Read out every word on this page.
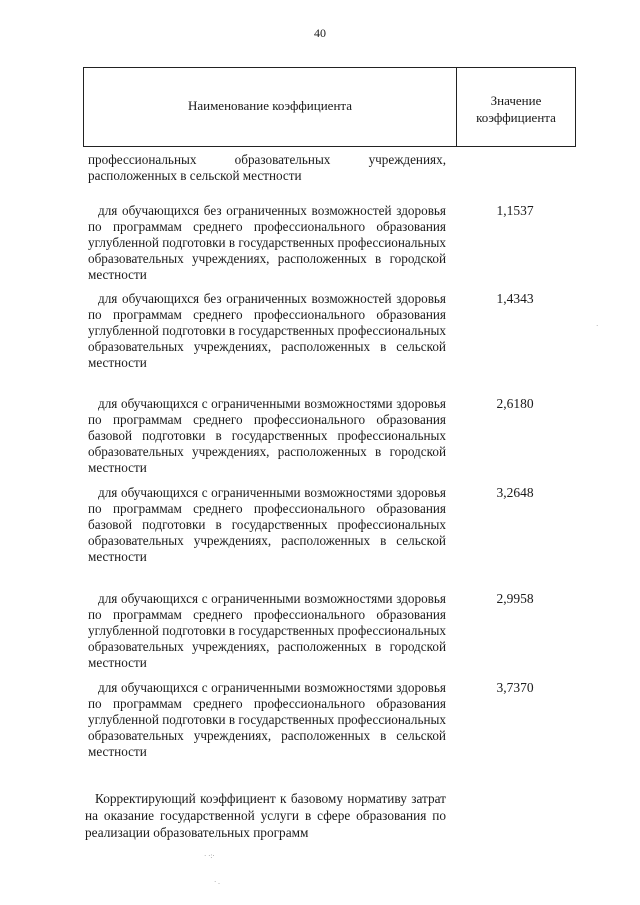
40
Наименование коэффициента	Значение
коэффициента
профессиональных образовательных учреждениях, расположенных в сельской местности
для обучающихся без ограниченных возможностей здоровья по программам среднего профессионального образования углубленной подготовки в государственных профессиональных образовательных учреждениях, расположенных в городской местности
1,1537
для обучающихся без ограниченных возможностей здоровья по программам среднего профессионального образования углубленной подготовки в государственных профессиональных образовательных учреждениях, расположенных в сельской местности
1,4343
для обучающихся с ограниченными возможностями здоровья по программам среднего профессионального образования базовой подготовки в государственных профессиональных образовательных учреждениях, расположенных в городской местности
2,6180
для обучающихся с ограниченными возможностями здоровья по программам среднего профессионального образования базовой подготовки в государственных профессиональных образовательных учреждениях, расположенных в сельской местности
3,2648
для обучающихся с ограниченными возможностями здоровья по программам среднего профессионального образования углубленной подготовки в государственных профессиональных образовательных учреждениях, расположенных в городской местности
2,9958
для обучающихся с ограниченными возможностями здоровья по программам среднего профессионального образования углубленной подготовки в государственных профессиональных образовательных учреждениях, расположенных в сельской местности
3,7370
Корректирующий коэффициент к базовому нормативу затрат на оказание государственной услуги в сфере образования по реализации образовательных программ
· ·:·
· .
·
